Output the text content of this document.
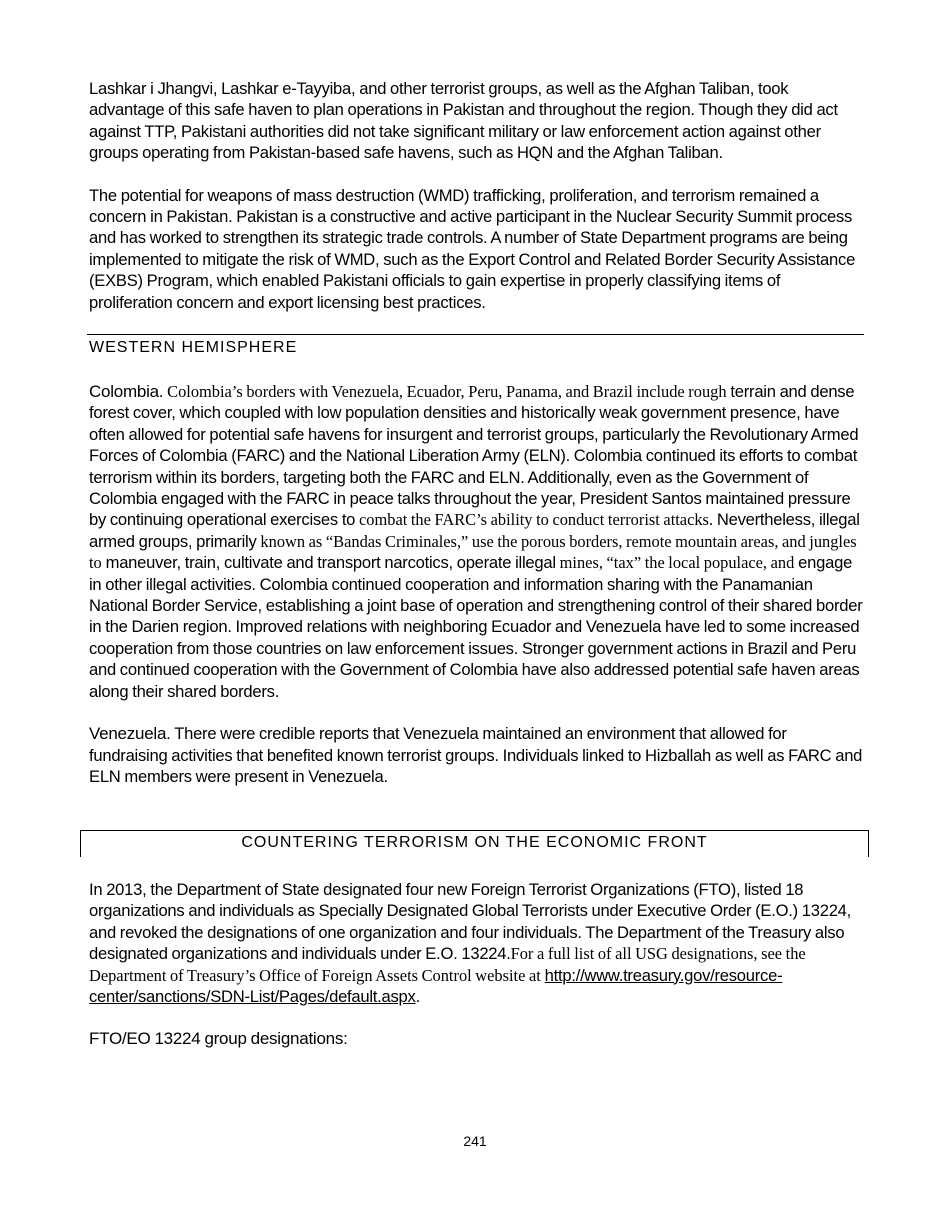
Lashkar i Jhangvi, Lashkar e-Tayyiba, and other terrorist groups, as well as the Afghan Taliban, took advantage of this safe haven to plan operations in Pakistan and throughout the region. Though they did act against TTP, Pakistani authorities did not take significant military or law enforcement action against other groups operating from Pakistan-based safe havens, such as HQN and the Afghan Taliban.

The potential for weapons of mass destruction (WMD) trafficking, proliferation, and terrorism remained a concern in Pakistan. Pakistan is a constructive and active participant in the Nuclear Security Summit process and has worked to strengthen its strategic trade controls. A number of State Department programs are being implemented to mitigate the risk of WMD, such as the Export Control and Related Border Security Assistance (EXBS) Program, which enabled Pakistani officials to gain expertise in properly classifying items of proliferation concern and export licensing best practices.

WESTERN HEMISPHERE

Colombia. Colombia’s borders with Venezuela, Ecuador, Peru, Panama, and Brazil include rough terrain and dense forest cover, which coupled with low population densities and historically weak government presence, have often allowed for potential safe havens for insurgent and terrorist groups, particularly the Revolutionary Armed Forces of Colombia (FARC) and the National Liberation Army (ELN). Colombia continued its efforts to combat terrorism within its borders, targeting both the FARC and ELN. Additionally, even as the Government of Colombia engaged with the FARC in peace talks throughout the year, President Santos maintained pressure by continuing operational exercises to combat the FARC’s ability to conduct terrorist attacks. Nevertheless, illegal armed groups, primarily known as “Bandas Criminales,” use the porous borders, remote mountain areas, and jungles to maneuver, train, cultivate and transport narcotics, operate illegal mines, “tax” the local populace, and engage in other illegal activities. Colombia continued cooperation and information sharing with the Panamanian National Border Service, establishing a joint base of operation and strengthening control of their shared border in the Darien region. Improved relations with neighboring Ecuador and Venezuela have led to some increased cooperation from those countries on law enforcement issues. Stronger government actions in Brazil and Peru and continued cooperation with the Government of Colombia have also addressed potential safe haven areas along their shared borders.

Venezuela. There were credible reports that Venezuela maintained an environment that allowed for fundraising activities that benefited known terrorist groups. Individuals linked to Hizballah as well as FARC and ELN members were present in Venezuela.

COUNTERING TERRORISM ON THE ECONOMIC FRONT

In 2013, the Department of State designated four new Foreign Terrorist Organizations (FTO), listed 18 organizations and individuals as Specially Designated Global Terrorists under Executive Order (E.O.) 13224, and revoked the designations of one organization and four individuals. The Department of the Treasury also designated organizations and individuals under E.O. 13224.For a full list of all USG designations, see the Department of Treasury’s Office of Foreign Assets Control website at http://www.treasury.gov/resource-center/sanctions/SDN-List/Pages/default.aspx.

FTO/EO 13224 group designations:

241
